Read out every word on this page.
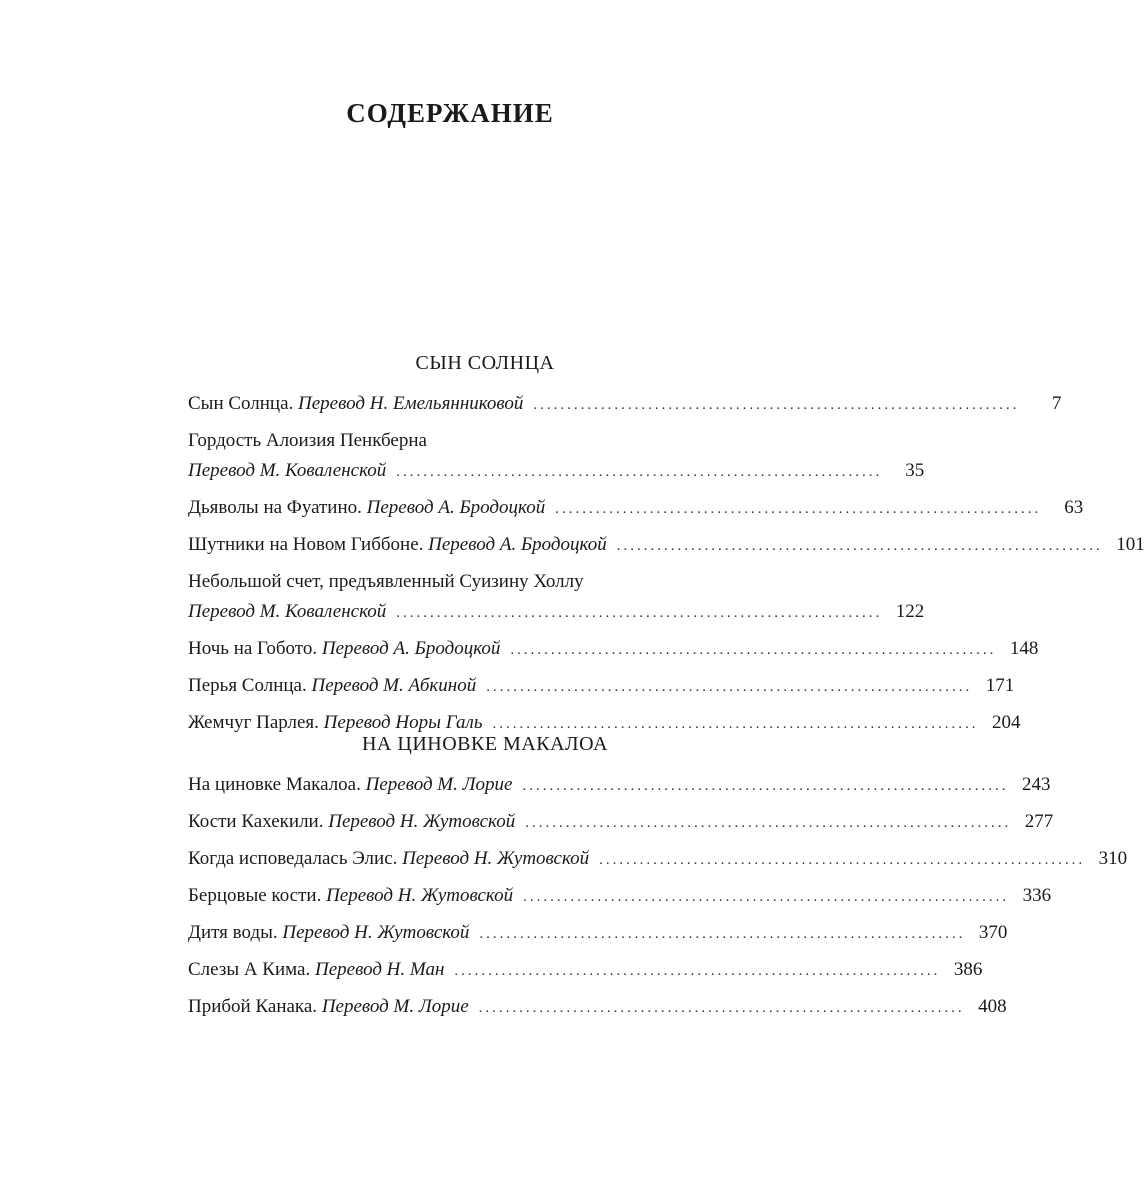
СОДЕРЖАНИЕ
СЫН СОЛНЦА
Сын Солнца.
Перевод Н. Емельянниковой ........................................................................	7
Гордость Алоизия Пенкберна
Перевод М. Коваленской ........................................................................	35
Дьяволы на Фуатино.
Перевод А. Бродоцкой ........................................................................	63
Шутники на Новом Гиббоне.
Перевод А. Бродоцкой ........................................................................ 101
Небольшой счет, предъявленный Суизину Холлу
Перевод М. Коваленской ........................................................................ 122
Ночь на Гобото.
Перевод А. Бродоцкой ........................................................................ 148
Перья Солнца.
Перевод М. Абкиной ........................................................................ 171
Жемчуг Парлея.
Перевод Норы Галь ........................................................................ 204
НА ЦИНОВКЕ МАКАЛОА
На циновке Макалоа.
Перевод М. Лорие ........................................................................ 243
Кости Кахекили.
Перевод Н. Жутовской ........................................................................ 277
Когда исповедалась Элис.
Перевод Н. Жутовской ........................................................................ 310
Берцовые кости.
Перевод Н. Жутовской ........................................................................ 336
Дитя воды.
Перевод Н. Жутовской ........................................................................ 370
Слезы А Кима.
Перевод Н. Ман ........................................................................ 386
Прибой Канака.
Перевод М. Лорие ........................................................................ 408
